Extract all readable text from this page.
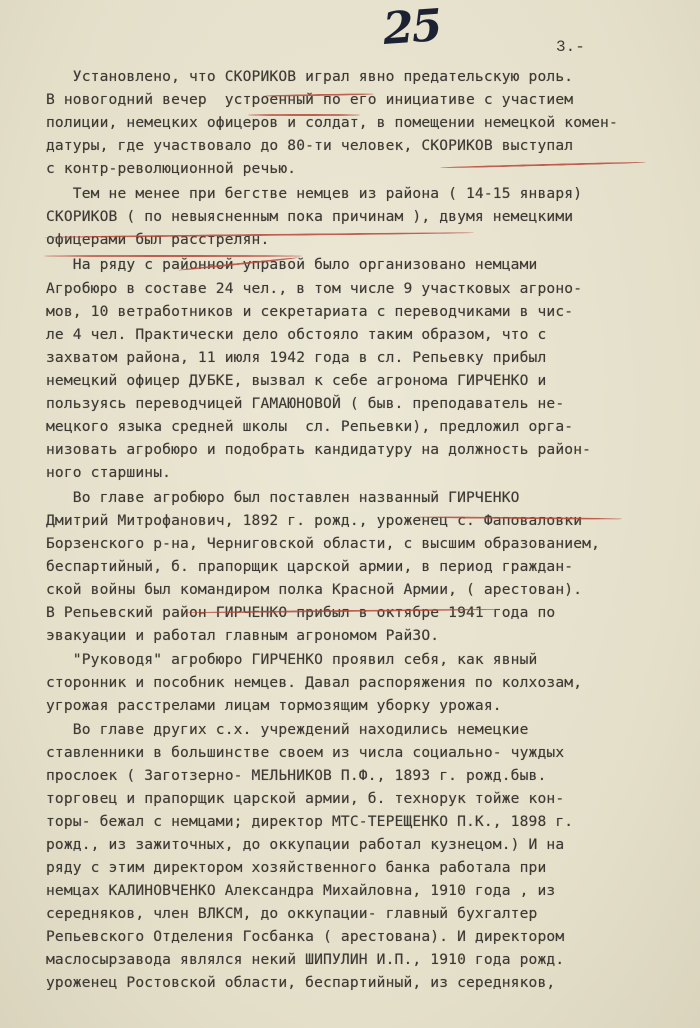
25	3.-
Установлено, что СКОРИКОВ играл явно предательскую роль.
В новогодний вечер  устроенный по его инициативе с участием
полиции, немецких офицеров и солдат, в помещении немецкой комен-
датуры, где участвовало до 80-ти человек, СКОРИКОВ выступал
с контр-революционной речью.
Тем не менее при бегстве немцев из района ( 14-15 января)
СКОРИКОВ ( по невыясненным пока причинам ), двумя немецкими
офицерами был расстрелян.
На ряду с районной управой было организовано немцами
Агробюро в составе 24 чел., в том числе 9 участковых агроно-
мов, 10 ветработников и секретариата с переводчиками в чис-
ле 4 чел. Практически дело обстояло таким образом, что с
захватом района, 11 июля 1942 года в сл. Репьевку прибыл
немецкий офицер ДУБКЕ, вызвал к себе агронома ГИРЧЕНКО и
пользуясь переводчицей ГАМАЮНОВОЙ ( быв. преподаватель не-
мецкого языка средней школы  сл. Репьевки), предложил орга-
низовать агробюро и подобрать кандидатуру на должность район-
ного старшины.
Во главе агробюро был поставлен названный ГИРЧЕНКО
Дмитрий Митрофанович, 1892 г. рожд., уроженец с. Фаповаловки
Борзенского р-на, Черниговской области, с высшим образованием,
беспартийный, б. прапорщик царской армии, в период граждан-
ской войны был командиром полка Красной Армии, ( арестован).
В Репьевский район ГИРЧЕНКО прибыл в октябре 1941 года по
эвакуации и работал главным агрономом РайЗО.
"Руководя" агробюро ГИРЧЕНКО проявил себя, как явный
сторонник и пособник немцев. Давал распоряжения по колхозам,
угрожая расстрелами лицам тормозящим уборку урожая.
Во главе других с.х. учреждений находились немецкие
ставленники в большинстве своем из числа социально- чуждых
прослоек ( Заготзерно- МЕЛЬНИКОВ П.Ф., 1893 г. рожд.быв.
торговец и прапорщик царской армии, б. технорук тойже кон-
торы- бежал с немцами; директор МТС-ТЕРЕЩЕНКО П.К., 1898 г.
рожд., из зажиточных, до оккупации работал кузнецом.) И на
ряду с этим директором хозяйственного банка работала при
немцах КАЛИНОВЧЕНКО Александра Михайловна, 1910 года , из
середняков, член ВЛКСМ, до оккупации- главный бухгалтер
Репьевского Отделения Госбанка ( арестована). И директором
маслосырзавода являлся некий ШИПУЛИН И.П., 1910 года рожд.
уроженец Ростовской области, беспартийный, из середняков,
